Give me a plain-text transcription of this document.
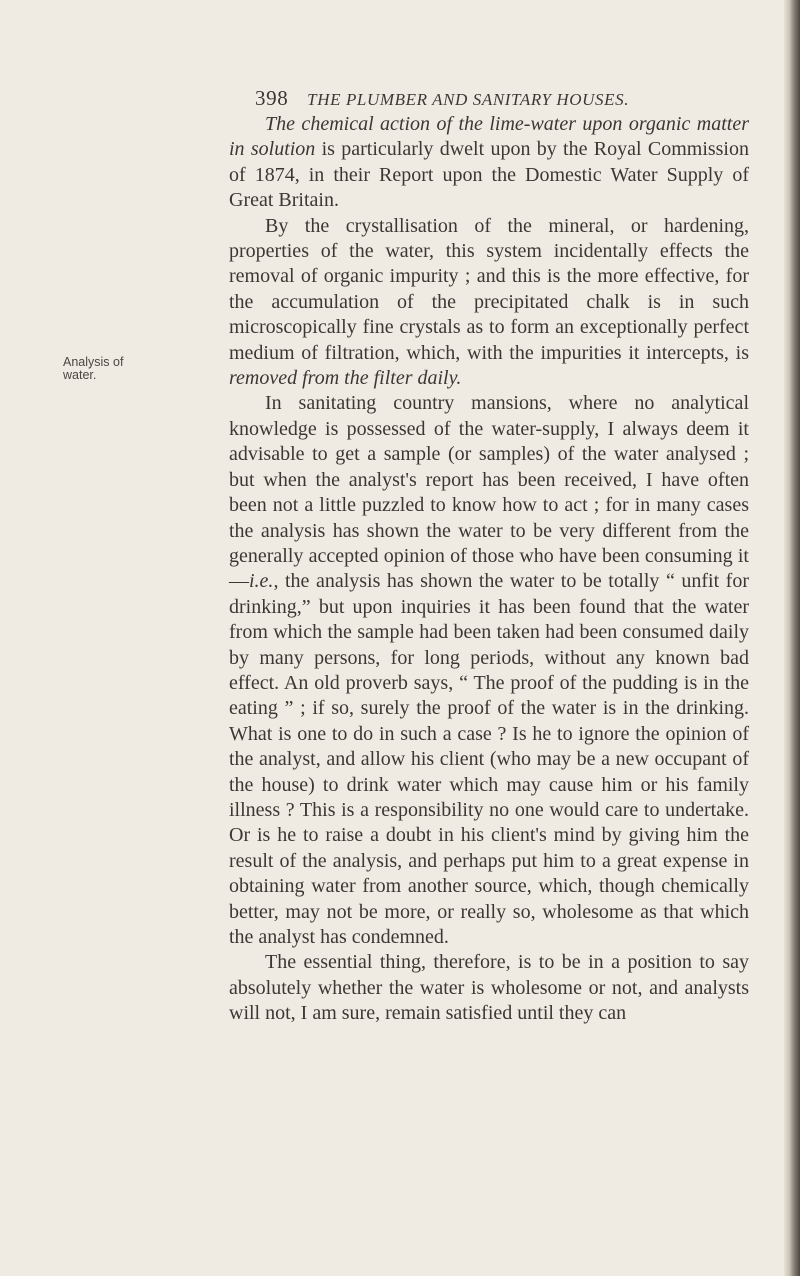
398 THE PLUMBER AND SANITARY HOUSES.
Analysis of water.

The chemical action of the lime-water upon organic matter in solution is particularly dwelt upon by the Royal Commission of 1874, in their Report upon the Domestic Water Supply of Great Britain.

By the crystallisation of the mineral, or hardening, properties of the water, this system incidentally effects the removal of organic impurity ; and this is the more effective, for the accumulation of the precipitated chalk is in such microscopically fine crystals as to form an exceptionally perfect medium of filtration, which, with the impurities it intercepts, is removed from the filter daily.

In sanitating country mansions, where no analytical knowledge is possessed of the water-supply, I always deem it advisable to get a sample (or samples) of the water analysed ; but when the analyst's report has been received, I have often been not a little puzzled to know how to act ; for in many cases the analysis has shown the water to be very different from the generally accepted opinion of those who have been consuming it—i.e., the analysis has shown the water to be totally “ unfit for drinking,” but upon inquiries it has been found that the water from which the sample had been taken had been consumed daily by many persons, for long periods, without any known bad effect. An old proverb says, “ The proof of the pudding is in the eating ” ; if so, surely the proof of the water is in the drinking. What is one to do in such a case ? Is he to ignore the opinion of the analyst, and allow his client (who may be a new occupant of the house) to drink water which may cause him or his family illness ? This is a responsibility no one would care to undertake. Or is he to raise a doubt in his client's mind by giving him the result of the analysis, and perhaps put him to a great expense in obtaining water from another source, which, though chemically better, may not be more, or really so, wholesome as that which the analyst has condemned.

The essential thing, therefore, is to be in a position to say absolutely whether the water is wholesome or not, and analysts will not, I am sure, remain satisfied until they can
